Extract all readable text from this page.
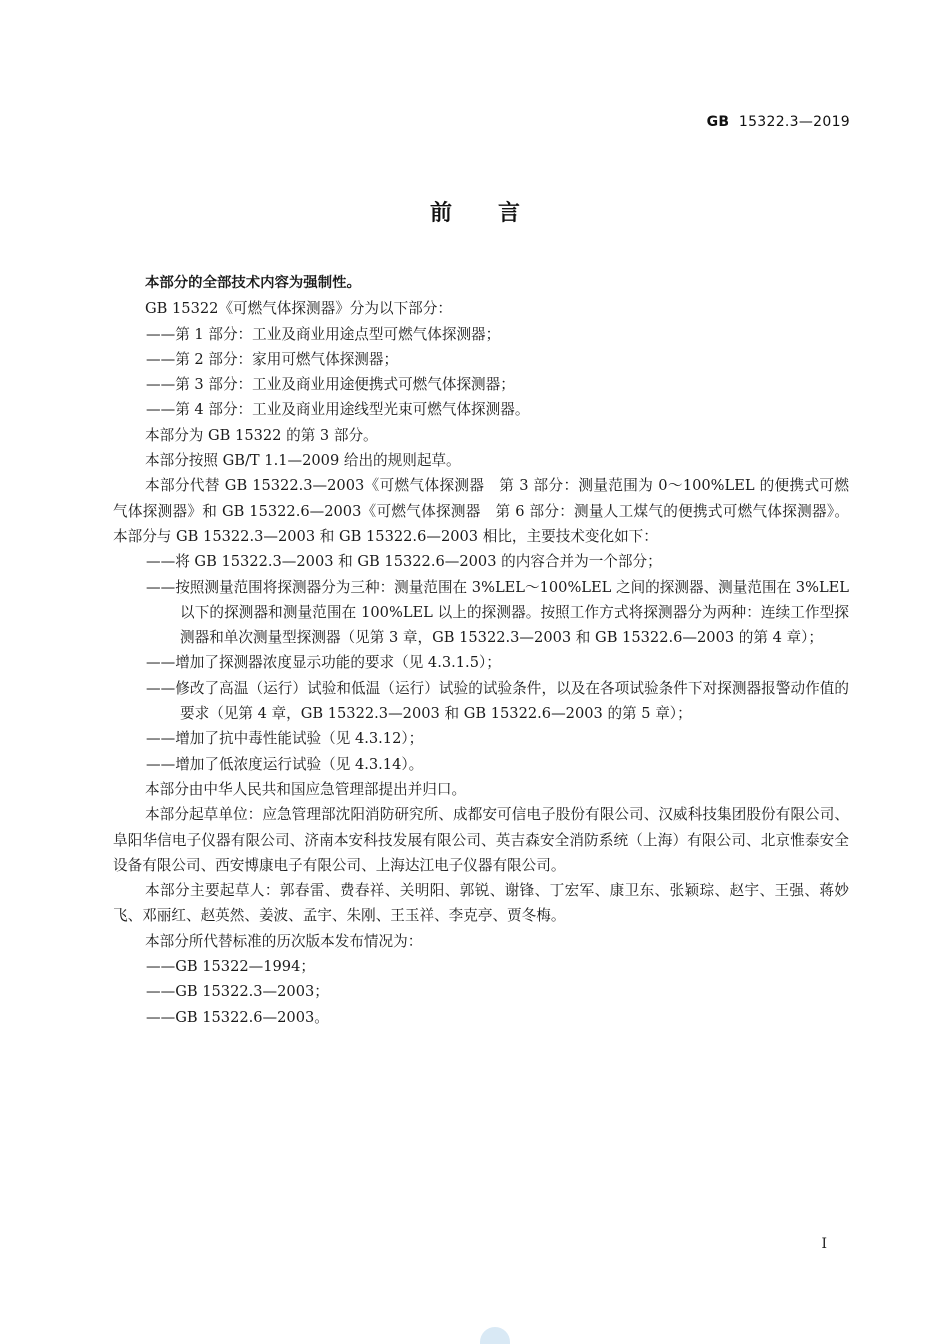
GB 15322.3—2019
前言

本部分的全部技术内容为强制性。

GB 15322《可燃气体探测器》分为以下部分：

——第 1 部分：工业及商业用途点型可燃气体探测器；

——第 2 部分：家用可燃气体探测器；

——第 3 部分：工业及商业用途便携式可燃气体探测器；

——第 4 部分：工业及商业用途线型光束可燃气体探测器。

本部分为 GB 15322 的第 3 部分。

本部分按照 GB/T 1.1—2009 给出的规则起草。

本部分代替 GB 15322.3—2003《可燃气体探测器　第 3 部分：测量范围为 0～100%LEL 的便携式可燃气体探测器》和 GB 15322.6—2003《可燃气体探测器　第 6 部分：测量人工煤气的便携式可燃气体探测器》。本部分与 GB 15322.3—2003 和 GB 15322.6—2003 相比，主要技术变化如下：

——将 GB 15322.3—2003 和 GB 15322.6—2003 的内容合并为一个部分；

——按照测量范围将探测器分为三种：测量范围在 3%LEL～100%LEL 之间的探测器、测量范围在 3%LEL 以下的探测器和测量范围在 100%LEL 以上的探测器。按照工作方式将探测器分为两种：连续工作型探测器和单次测量型探测器（见第 3 章，GB 15322.3—2003 和 GB 15322.6—2003 的第 4 章）；

——增加了探测器浓度显示功能的要求（见 4.3.1.5）；

——修改了高温（运行）试验和低温（运行）试验的试验条件，以及在各项试验条件下对探测器报警动作值的要求（见第 4 章，GB 15322.3—2003 和 GB 15322.6—2003 的第 5 章）；

——增加了抗中毒性能试验（见 4.3.12）；

——增加了低浓度运行试验（见 4.3.14）。

本部分由中华人民共和国应急管理部提出并归口。

本部分起草单位：应急管理部沈阳消防研究所、成都安可信电子股份有限公司、汉威科技集团股份有限公司、阜阳华信电子仪器有限公司、济南本安科技发展有限公司、英吉森安全消防系统（上海）有限公司、北京惟泰安全设备有限公司、西安博康电子有限公司、上海达江电子仪器有限公司。

本部分主要起草人：郭春雷、费春祥、关明阳、郭锐、谢锋、丁宏军、康卫东、张颖琮、赵宇、王强、蒋妙飞、邓丽红、赵英然、姜波、孟宇、朱刚、王玉祥、李克亭、贾冬梅。

本部分所代替标准的历次版本发布情况为：

——GB 15322—1994；

——GB 15322.3—2003；

——GB 15322.6—2003。

I
